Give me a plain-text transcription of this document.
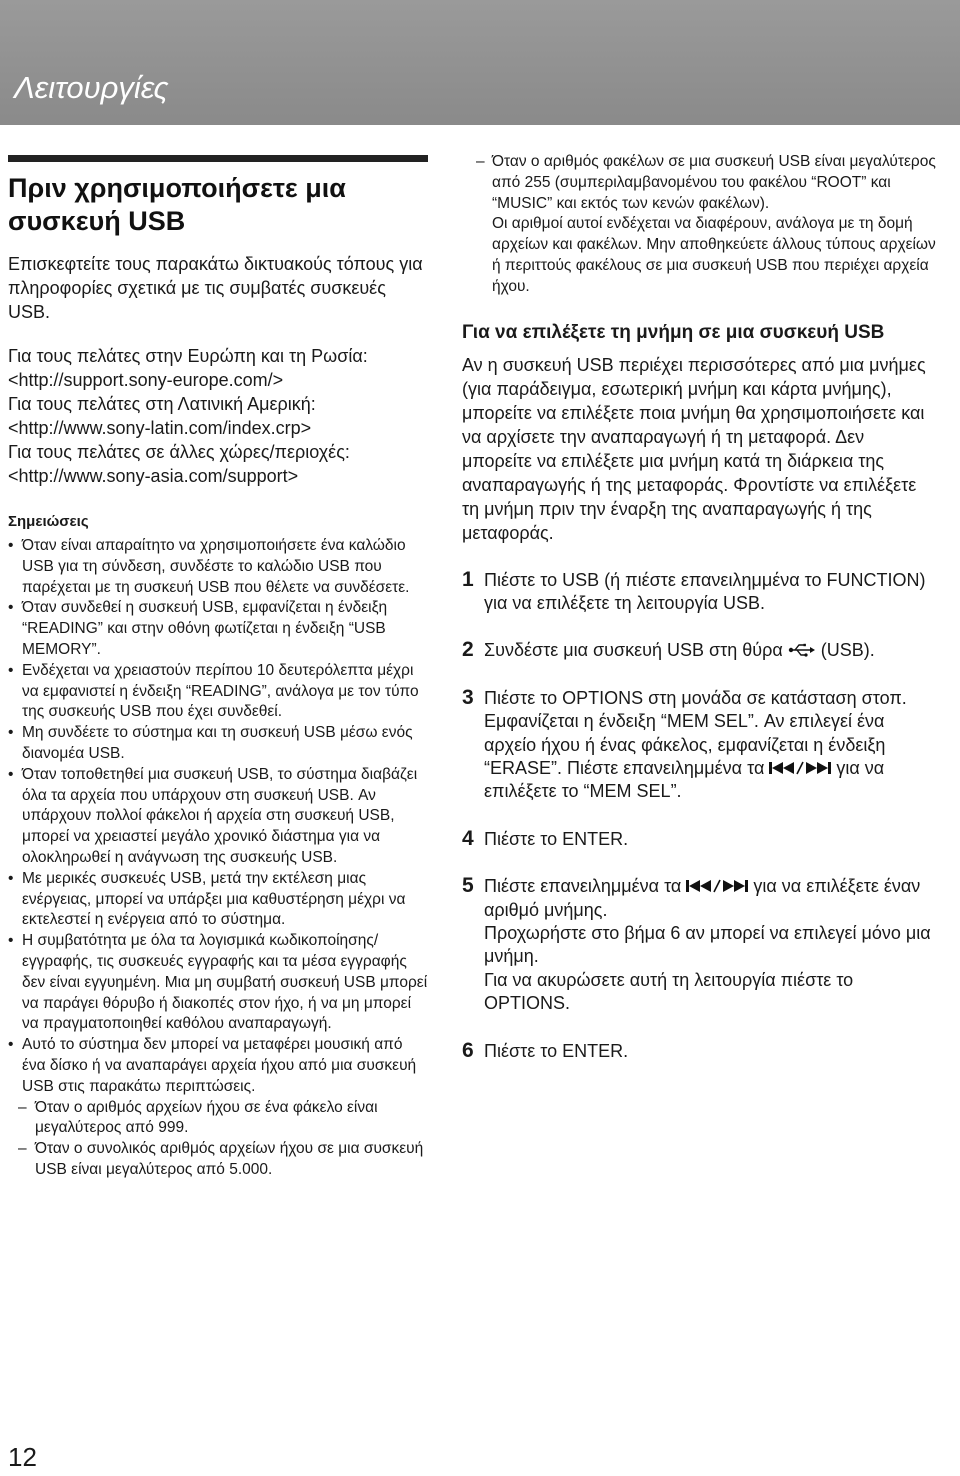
Λειτουργίες
Πριν χρησιμοποιήσετε μια συσκευή USB

Επισκεφτείτε τους παρακάτω δικτυακούς τόπους για πληροφορίες σχετικά με τις συμβατές συσκευές USB.

Για τους πελάτες στην Ευρώπη και τη Ρωσία:

<http://support.sony-europe.com/>

Για τους πελάτες στη Λατινική Αμερική:

<http://www.sony-latin.com/index.crp>

Για τους πελάτες σε άλλες χώρες/περιοχές:

<http://www.sony-asia.com/support>

Σημειώσεις

• Όταν είναι απαραίτητο να χρησιμοποιήσετε ένα καλώδιο USB για τη σύνδεση, συνδέστε το καλώδιο USB που παρέχεται με τη συσκευή USB που θέλετε να συνδέσετε.
• Όταν συνδεθεί η συσκευή USB, εμφανίζεται η ένδειξη “READING” και στην οθόνη φωτίζεται η ένδειξη “USB MEMORY”.
• Ενδέχεται να χρειαστούν περίπου 10 δευτερόλεπτα μέχρι να εμφανιστεί η ένδειξη “READING”, ανάλογα με τον τύπο της συσκευής USB που έχει συνδεθεί.
• Μη συνδέετε το σύστημα και τη συσκευή USB μέσω ενός διανομέα USB.
• Όταν τοποθετηθεί μια συσκευή USB, το σύστημα διαβάζει όλα τα αρχεία που υπάρχουν στη συσκευή USB. Αν υπάρχουν πολλοί φάκελοι ή αρχεία στη συσκευή USB, μπορεί να χρειαστεί μεγάλο χρονικό διάστημα για να ολοκληρωθεί η ανάγνωση της συσκευής USB.
• Με μερικές συσκευές USB, μετά την εκτέλεση μιας ενέργειας, μπορεί να υπάρξει μια καθυστέρηση μέχρι να εκτελεστεί η ενέργεια από το σύστημα.
• Η συμβατότητα με όλα τα λογισμικά κωδικοποίησης/εγγραφής, τις συσκευές εγγραφής και τα μέσα εγγραφής δεν είναι εγγυημένη. Μια μη συμβατή συσκευή USB μπορεί να παράγει θόρυβο ή διακοπές στον ήχο, ή να μη μπορεί να πραγματοποιηθεί καθόλου αναπαραγωγή.
• Αυτό το σύστημα δεν μπορεί να μεταφέρει μουσική από ένα δίσκο ή να αναπαράγει αρχεία ήχου από μια συσκευή USB στις παρακάτω περιπτώσεις.
– Όταν ο αριθμός αρχείων ήχου σε ένα φάκελο είναι μεγαλύτερος από 999.
– Όταν ο συνολικός αριθμός αρχείων ήχου σε μια συσκευή USB είναι μεγαλύτερος από 5.000.

– Όταν ο αριθμός φακέλων σε μια συσκευή USB είναι μεγαλύτερος από 255 (συμπεριλαμβανομένου του φακέλου “ROOT” και “MUSIC” και εκτός των κενών φακέλων).

Οι αριθμοί αυτοί ενδέχεται να διαφέρουν, ανάλογα με τη δομή αρχείων και φακέλων. Μην αποθηκεύετε άλλους τύπους αρχείων ή περιττούς φακέλους σε μια συσκευή USB που περιέχει αρχεία ήχου.

Για να επιλέξετε τη μνήμη σε μια συσκευή USB

Αν η συσκευή USB περιέχει περισσότερες από μια μνήμες (για παράδειγμα, εσωτερική μνήμη και κάρτα μνήμης), μπορείτε να επιλέξετε ποια μνήμη θα χρησιμοποιήσετε και να αρχίσετε την αναπαραγωγή ή τη μεταφορά. Δεν μπορείτε να επιλέξετε μια μνήμη κατά τη διάρκεια της αναπαραγωγής ή της μεταφοράς. Φροντίστε να επιλέξετε τη μνήμη πριν την έναρξη της αναπαραγωγής ή της μεταφοράς.

1 Πιέστε το USB (ή πιέστε επανειλημμένα το FUNCTION) για να επιλέξετε τη λειτουργία USB.

2 Συνδέστε μια συσκευή USB στη θύρα (USB).

3 Πιέστε το OPTIONS στη μονάδα σε κατάσταση στοπ.

Εμφανίζεται η ένδειξη “MEM SEL”. Αν επιλεγεί ένα αρχείο ήχου ή ένας φάκελος, εμφανίζεται η ένδειξη “ERASE”. Πιέστε επανειλημμένα τα	για να επιλέξετε το “MEM SEL”.

4 Πιέστε το ENTER.

5 Πιέστε επανειλημμένα τα	για να επιλέξετε έναν αριθμό μνήμης.

Προχωρήστε στο βήμα 6 αν μπορεί να επιλεγεί μόνο μια μνήμη.

Για να ακυρώσετε αυτή τη λειτουργία πιέστε το OPTIONS.

6 Πιέστε το ENTER.

12
